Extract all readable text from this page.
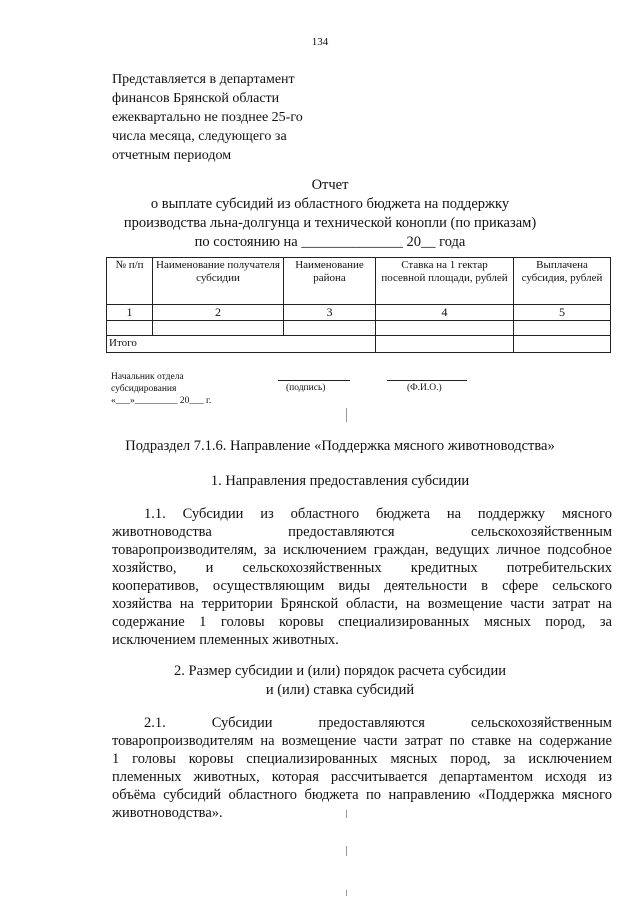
134
Представляется в департамент
финансов Брянской области
ежеквартально не позднее 25-го
числа месяца, следующего за
отчетным периодом
Отчет
о выплате субсидий из областного бюджета на поддержку
производства льна-долгунца и технической конопли (по приказам)
по состоянию на ______________ 20__ года
№ п/п	Наименование получателя субсидии	Наименование района	Ставка на 1 гектар посевной площади, рублей	Выплачена субсидия, рублей
1	2	3	4	5

Итого				
Начальник отдела
субсидирования
«___»_________ 20___ г.
(подпись)	(Ф.И.О.)
Подраздел 7.1.6. Направление «Поддержка мясного животноводства»
1. Направления предоставления субсидии

1.1. Субсидии из областного бюджета на поддержку мясного

животноводства предоставляются сельскохозяйственным

товаропроизводителям, за исключением граждан, ведущих личное подсобное

хозяйство, и сельскохозяйственных кредитных потребительских

кооперативов, осуществляющим виды деятельности в сфере сельского

хозяйства на территории Брянской области, на возмещение части затрат на

содержание 1 головы коровы специализированных мясных пород, за

исключением племенных животных.

2. Размер субсидии и (или) порядок расчета субсидии
и (или) ставка субсидий

2.1. Субсидии предоставляются сельскохозяйственным

товаропроизводителям на возмещение части затрат по ставке на содержание

1 головы коровы специализированных мясных пород, за исключением

племенных животных, которая рассчитывается департаментом исходя из

объёма субсидий областного бюджета по направлению «Поддержка мясного

животноводства».
